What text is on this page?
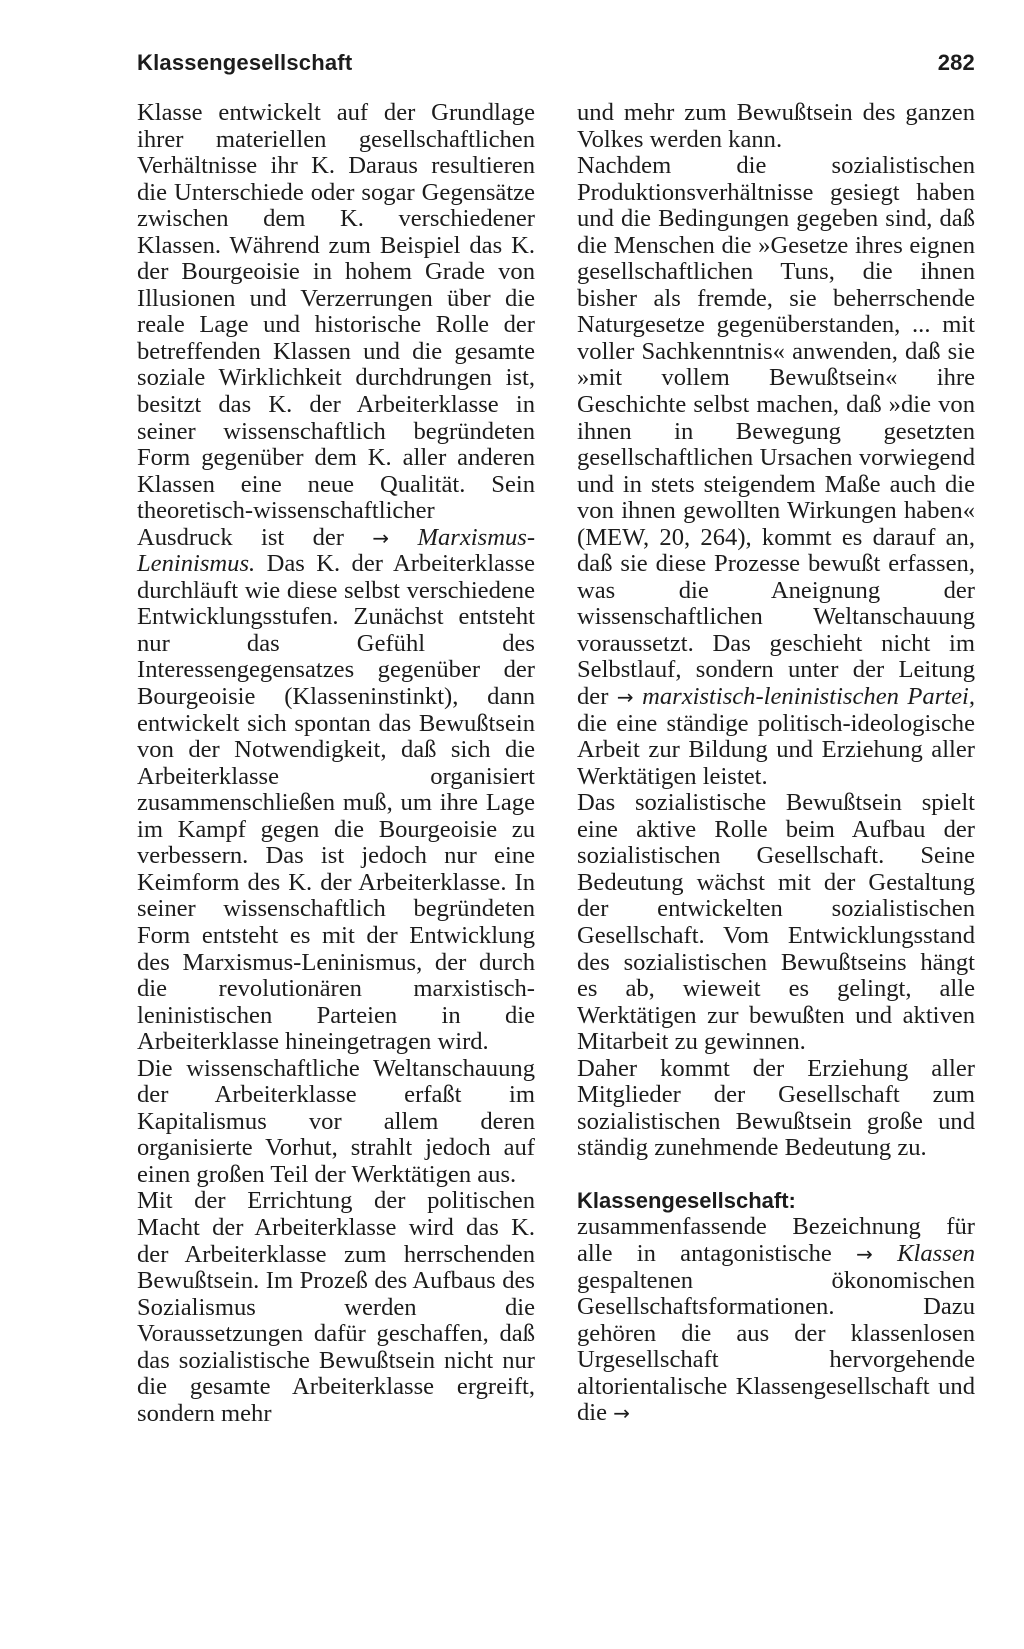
Klassengesellschaft	282

Klasse entwickelt auf der Grundlage ihrer materiellen gesellschaftlichen Verhältnisse ihr K. Daraus resultieren die Unterschiede oder sogar Gegensätze zwischen dem K. verschiedener Klassen. Während zum Beispiel das K. der Bourgeoisie in hohem Grade von Illusionen und Verzerrungen über die reale Lage und historische Rolle der betreffenden Klassen und die gesamte soziale Wirklichkeit durchdrungen ist, besitzt das K. der Arbeiterklasse in seiner wissenschaftlich begründeten Form gegenüber dem K. aller anderen Klassen eine neue Qualität. Sein theoretisch-wissenschaftlicher Ausdruck ist der → Marxismus-Leninismus. Das K. der Arbeiterklasse durchläuft wie diese selbst verschiedene Entwicklungsstufen. Zunächst entsteht nur das Gefühl des Interessengegensatzes gegenüber der Bourgeoisie (Klasseninstinkt), dann entwickelt sich spontan das Bewußtsein von der Notwendigkeit, daß sich die Arbeiterklasse organisiert zusammenschließen muß, um ihre Lage im Kampf gegen die Bourgeoisie zu verbessern. Das ist jedoch nur eine Keimform des K. der Arbeiterklasse. In seiner wissenschaftlich begründeten Form entsteht es mit der Entwicklung des Marxismus-Leninismus, der durch die revolutionären marxistisch-leninistischen Parteien in die Arbeiterklasse hineingetragen wird.

Die wissenschaftliche Weltanschauung der Arbeiterklasse erfaßt im Kapitalismus vor allem deren organisierte Vorhut, strahlt jedoch auf einen großen Teil der Werktätigen aus.

Mit der Errichtung der politischen Macht der Arbeiterklasse wird das K. der Arbeiterklasse zum herrschenden Bewußtsein. Im Prozeß des Aufbaus des Sozialismus werden die Voraussetzungen dafür geschaffen, daß das sozialistische Bewußtsein nicht nur die gesamte Arbeiterklasse ergreift, sondern mehr

und mehr zum Bewußtsein des ganzen Volkes werden kann.

Nachdem die sozialistischen Produktionsverhältnisse gesiegt haben und die Bedingungen gegeben sind, daß die Menschen die »Gesetze ihres eignen gesellschaftlichen Tuns, die ihnen bisher als fremde, sie beherrschende Naturgesetze gegenüberstanden, ... mit voller Sachkenntnis« anwenden, daß sie »mit vollem Bewußtsein« ihre Geschichte selbst machen, daß »die von ihnen in Bewegung gesetzten gesellschaftlichen Ursachen vorwiegend und in stets steigendem Maße auch die von ihnen gewollten Wirkungen haben« (MEW, 20, 264), kommt es darauf an, daß sie diese Prozesse bewußt erfassen, was die Aneignung der wissenschaftlichen Weltanschauung voraussetzt. Das geschieht nicht im Selbstlauf, sondern unter der Leitung der → marxistisch-leninistischen Partei, die eine ständige politisch-ideologische Arbeit zur Bildung und Erziehung aller Werktätigen leistet.

Das sozialistische Bewußtsein spielt eine aktive Rolle beim Aufbau der sozialistischen Gesellschaft. Seine Bedeutung wächst mit der Gestaltung der entwickelten sozialistischen Gesellschaft. Vom Entwicklungsstand des sozialistischen Bewußtseins hängt es ab, wieweit es gelingt, alle Werktätigen zur bewußten und aktiven Mitarbeit zu gewinnen.

Daher kommt der Erziehung aller Mitglieder der Gesellschaft zum sozialistischen Bewußtsein große und ständig zunehmende Bedeutung zu.

Klassengesellschaft: zusammenfassende Bezeichnung für alle in antagonistische → Klassen gespaltenen ökonomischen Gesellschaftsformationen. Dazu gehören die aus der klassenlosen Urgesellschaft hervorgehende altorientalische Klassengesellschaft und die →
